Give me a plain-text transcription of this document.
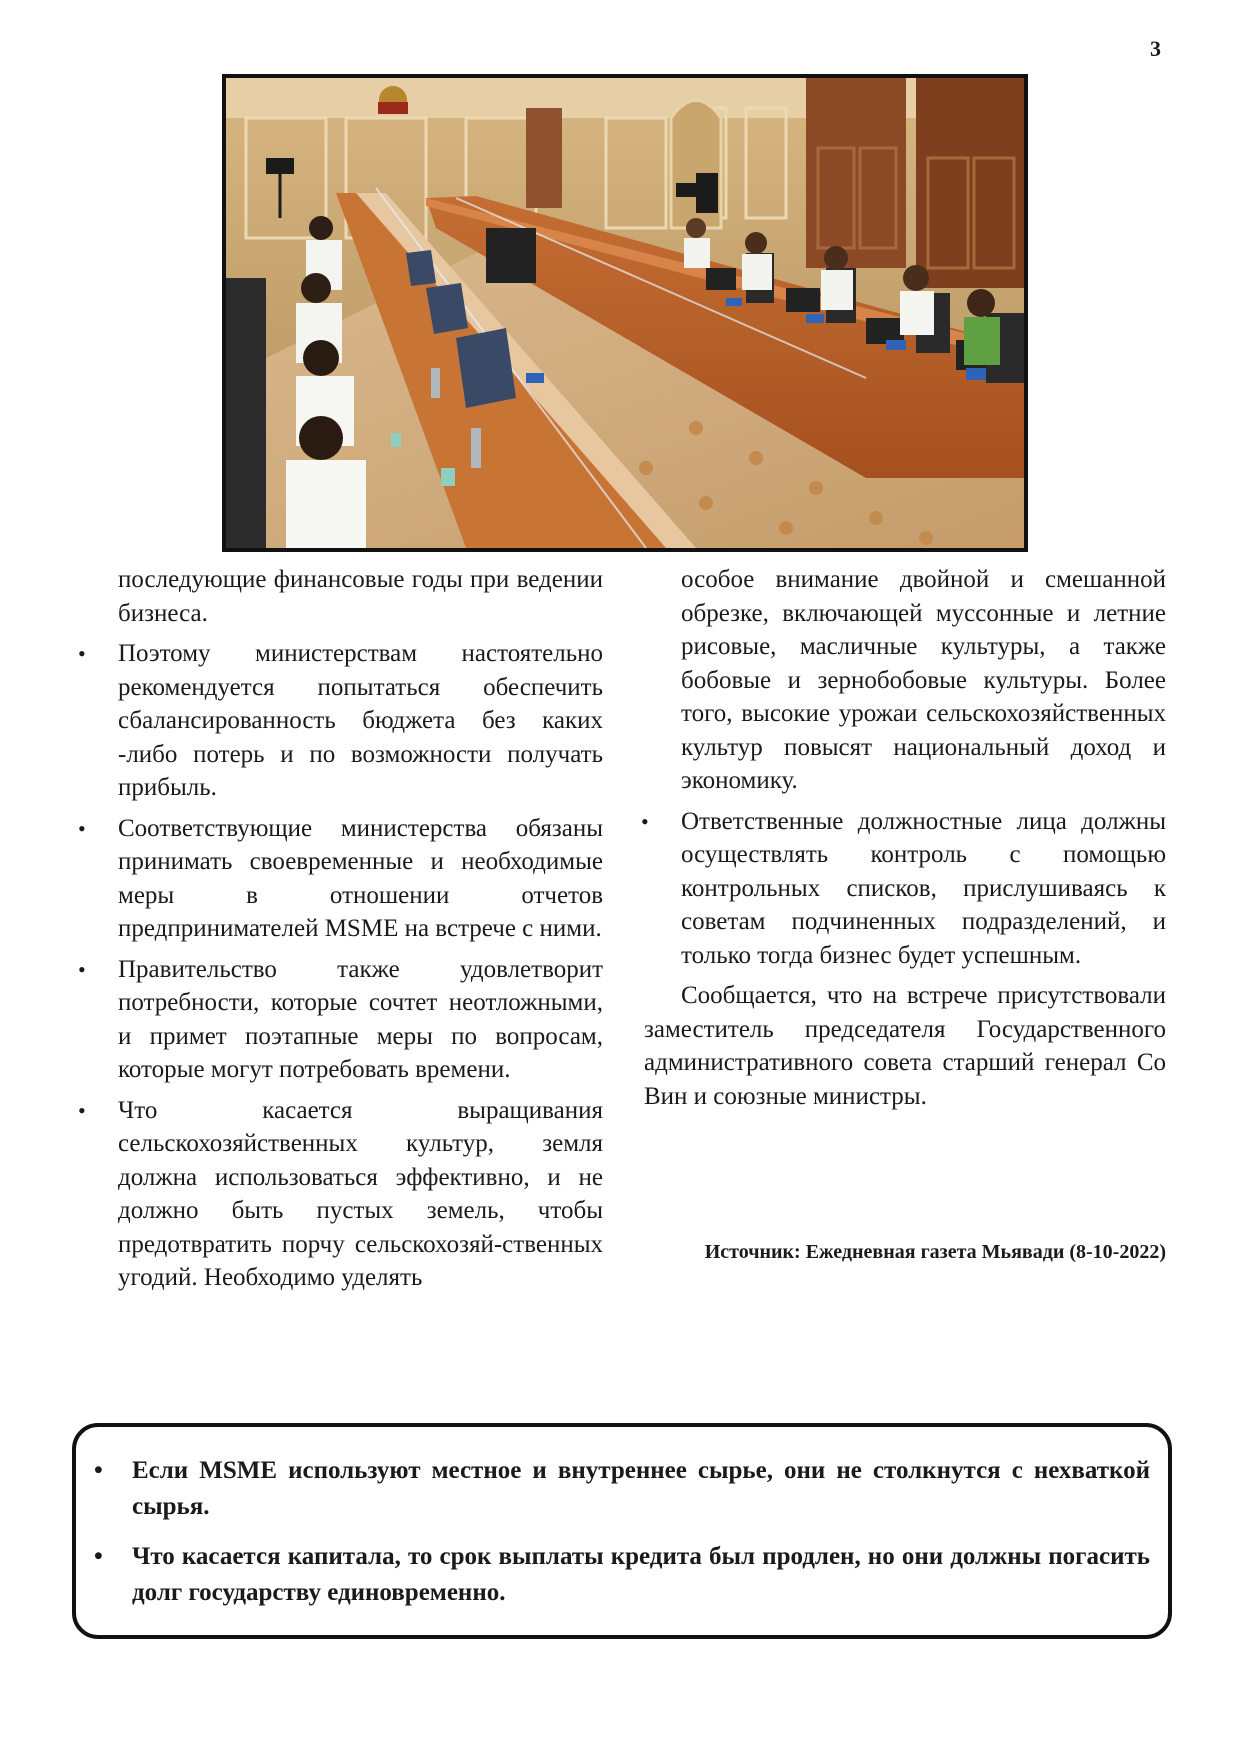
3

последующие финансовые годы при ведении бизнеса.

• Поэтому министерствам настоятельно рекомендуется попытаться обеспечить сбалансированность бюджета без каких -либо потерь и по возможности получать прибыль.
• Соответствующие министерства обязаны принимать своевременные и необходимые меры в отношении отчетов предпринимателей MSME на встрече с ними.
• Правительство также удовлетворит потребности, которые сочтет неотложными, и примет поэтапные меры по вопросам, которые могут потребовать времени.
• Что касается выращивания сельскохозяйственных культур, земля должна использоваться эффективно, и не должно быть пустых земель, чтобы предотвратить порчу сельскохозяй-ственных угодий. Необходимо уделять

особое внимание двойной и смешанной обрезке, включающей муссонные и летние рисовые, масличные культуры, а также бобовые и зернобобовые культуры. Более того, высокие урожаи сельскохозяйственных культур повысят национальный доход и экономику.

• Ответственные должностные лица должны осуществлять контроль с помощью контрольных списков, прислушиваясь к советам подчиненных подразделений, и только тогда бизнес будет успешным.

Сообщается, что на встрече присутствовали заместитель председателя Государственного административного совета старший генерал Со Вин и союзные министры.

Источник: Ежедневная газета Мьявади (8-10-2022)
• Если MSME используют местное и внутреннее сырье, они не столкнутся с нехваткой сырья.
• Что касается капитала, то срок выплаты кредита был продлен, но они должны погасить долг государству единовременно.
